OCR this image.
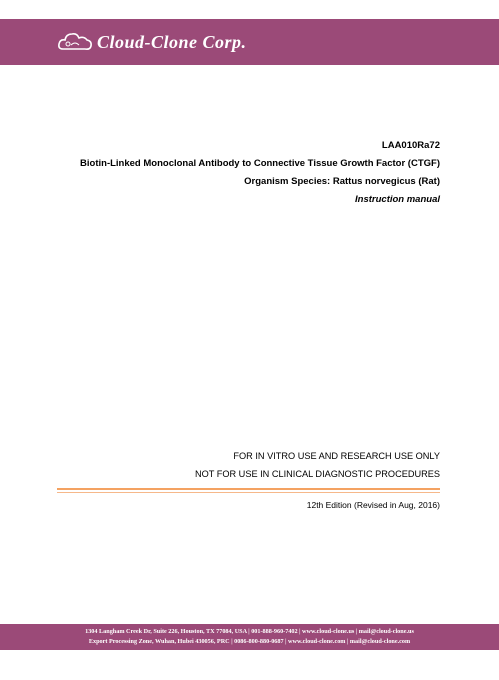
Cloud-Clone Corp.
LAA010Ra72
Biotin-Linked Monoclonal Antibody to Connective Tissue Growth Factor (CTGF)
Organism Species: Rattus norvegicus (Rat)
Instruction manual
FOR IN VITRO USE AND RESEARCH USE ONLY
NOT FOR USE IN CLINICAL DIAGNOSTIC PROCEDURES
12th Edition (Revised in Aug, 2016)
1304 Langham Creek Dr, Suite 226, Houston, TX 77084, USA | 001-888-960-7402 | www.cloud-clone.us | mail@cloud-clone.us
Export Processing Zone, Wuhan, Hubei 430056, PRC | 0086-800-880-0687 | www.cloud-clone.com | mail@cloud-clone.com
